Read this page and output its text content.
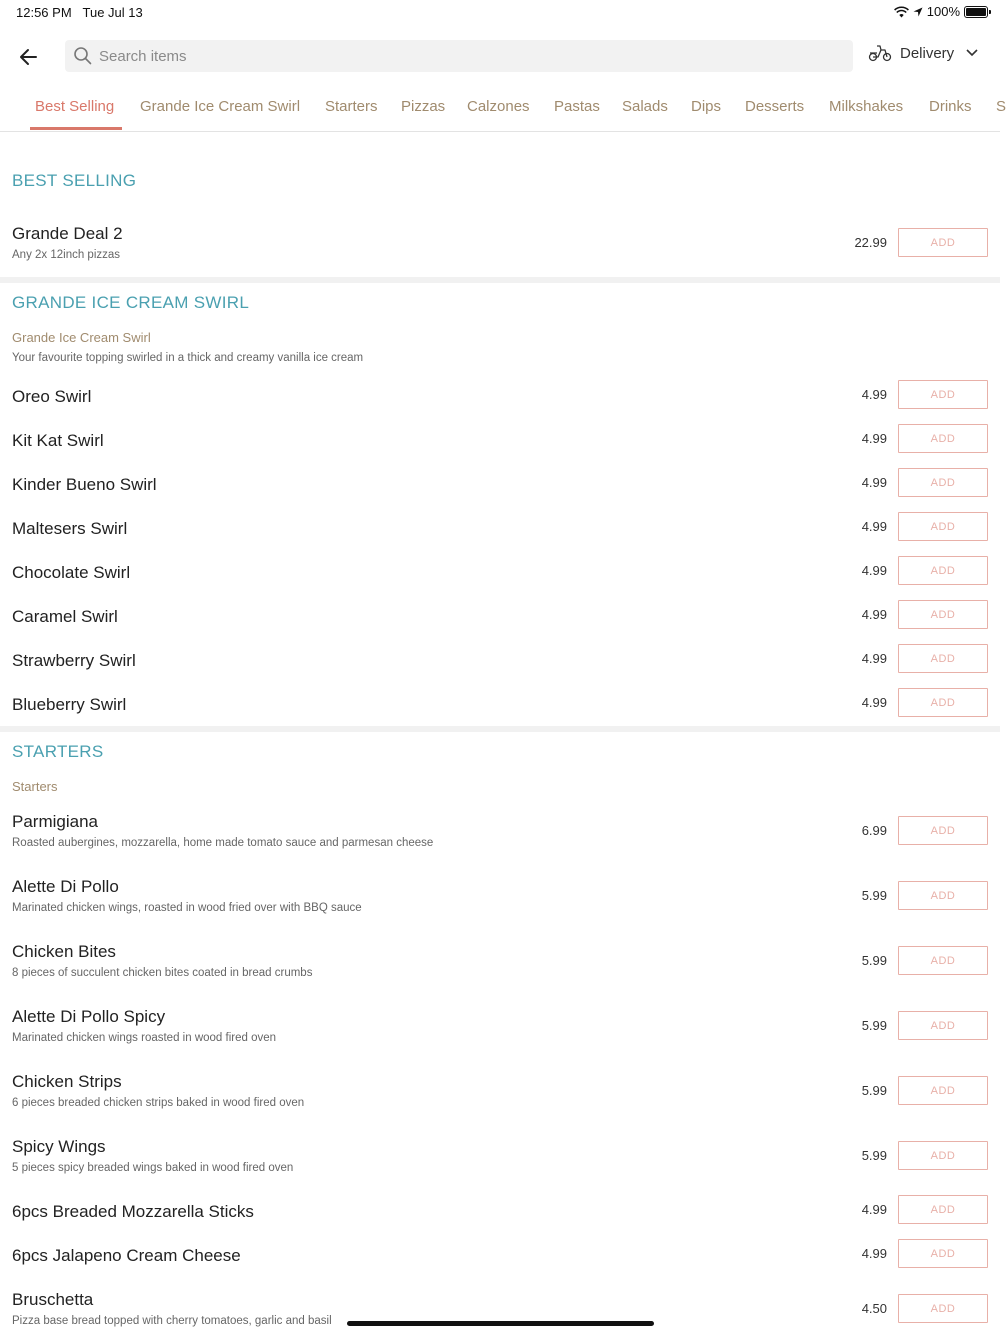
12:56 PM Tue Jul 13	100%
Search items
Delivery
Best Selling Grande Ice Cream Swirl Starters Pizzas Calzones Pastas Salads Dips Desserts Milkshakes Drinks S
BEST SELLING
Grande Deal 2
Any 2x 12inch pizzas
22.99	ADD
GRANDE ICE CREAM SWIRL
Grande Ice Cream Swirl
Your favourite topping swirled in a thick and creamy vanilla ice cream
Oreo Swirl	4.99	ADD
Kit Kat Swirl	4.99	ADD
Kinder Bueno Swirl	4.99	ADD
Maltesers Swirl	4.99	ADD
Chocolate Swirl	4.99	ADD
Caramel Swirl	4.99	ADD
Strawberry Swirl	4.99	ADD
Blueberry Swirl	4.99	ADD
STARTERS
Starters
Parmigiana
Roasted aubergines, mozzarella, home made tomato sauce and parmesan cheese
6.99	ADD
Alette Di Pollo
Marinated chicken wings, roasted in wood fried over with BBQ sauce
5.99	ADD
Chicken Bites
8 pieces of succulent chicken bites coated in bread crumbs
5.99	ADD
Alette Di Pollo Spicy
Marinated chicken wings roasted in wood fired oven
5.99	ADD
Chicken Strips
6 pieces breaded chicken strips baked in wood fired oven
5.99	ADD
Spicy Wings
5 pieces spicy breaded wings baked in wood fired oven
5.99	ADD
6pcs Breaded Mozzarella Sticks	4.99	ADD
6pcs Jalapeno Cream Cheese	4.99	ADD
Bruschetta
Pizza base bread topped with cherry tomatoes, garlic and basil
4.50	ADD
